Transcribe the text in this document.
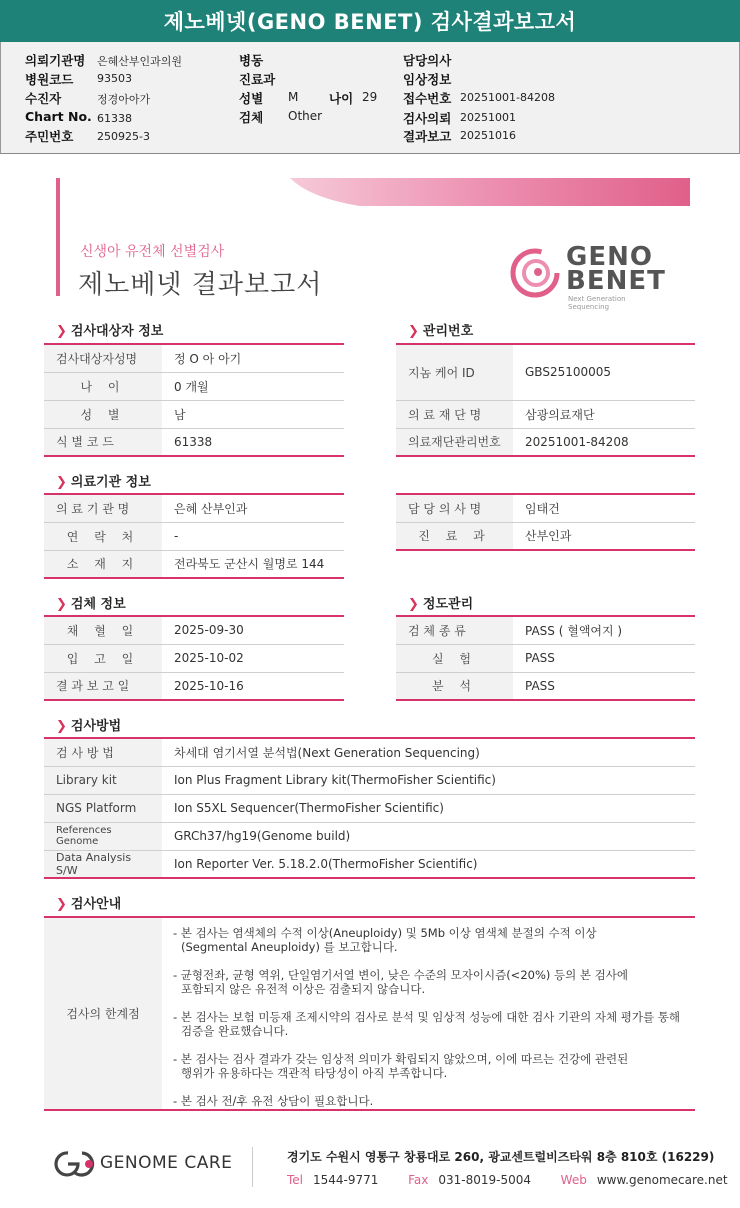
제노베넷(GENO BENET) 검사결과보고서
의뢰기관명 은혜산부인과의원
병원코드 93503
수진자	정경아아가
Chart No. 61338
주민번호 250925-3
병동
진료과
성별 M 나이 29
검체 Other
담당의사
임상정보
접수번호 20251001-84208
검사의뢰 20251001
결과보고 20251016
신생아 유전체 선별검사
제노베넷 결과보고서
GENO
BENET
Next Generation Sequencing
❯ 검사대상자 정보
검사대상자성명	정 O 아 아기
나 이	0 개월
성 별	남
식 별 코 드	61338
❯ 관리번호
지놈 케어 ID	GBS25100005
의 료 재 단 명	삼광의료재단
의료재단관리번호	20251001-84208
❯ 의료기관 정보
의 료 기 관 명	은혜 산부인과
연 락 처	-
소 재 지	전라북도 군산시 월명로 144
담 당 의 사 명	임태건
진 료 과	산부인과
❯ 검체 정보
채 혈 일	2025-09-30
입 고 일	2025-10-02
결 과 보 고 일	2025-10-16
❯ 정도관리
검 체 종 류	PASS ( 혈액여지 )
실 험	PASS
분 석	PASS
❯ 검사방법
검 사 방 법	차세대 염기서열 분석법(Next Generation Sequencing)
Library kit	Ion Plus Fragment Library kit(ThermoFisher Scientific)
NGS Platform	Ion S5XL Sequencer(ThermoFisher Scientific)
References Genome	GRCh37/hg19(Genome build)
Data Analysis S/W	Ion Reporter Ver. 5.18.2.0(ThermoFisher Scientific)
❯ 검사안내
검사의 한계점
- 본 검사는 염색체의 수적 이상(Aneuploidy) 및 5Mb 이상 염색체 분절의 수적 이상
(Segmental Aneuploidy) 를 보고합니다.
- 균형전좌, 균형 역위, 단일염기서열 변이, 낮은 수준의 모자이시즘(<20%) 등의 본 검사에
포함되지 않은 유전적 이상은 검출되지 않습니다.
- 본 검사는 보험 미등재 조제시약의 검사로 분석 및 임상적 성능에 대한 검사 기관의 자체 평가를 통해
검증을 완료했습니다.
- 본 검사는 검사 결과가 갖는 임상적 의미가 확립되지 않았으며, 이에 따르는 건강에 관련된
행위가 유용하다는 객관적 타당성이 아직 부족합니다.
- 본 검사 전/후 유전 상담이 필요합니다.
GENOME CARE	경기도 수원시 영통구 창룡대로 260, 광교센트럴비즈타워 8층 810호 (16229)
Tel 1544-9771 Fax 031-8019-5004 Web www.genomecare.net
